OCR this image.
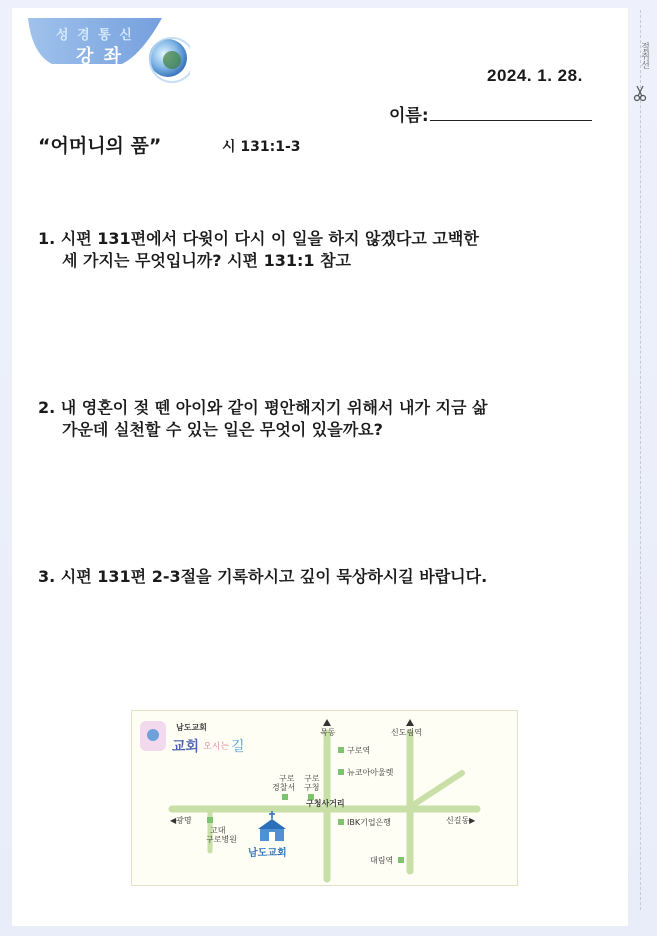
절취선
성 경 통 신
강 좌
2024. 1. 28.
이름:
“어머니의 품”	시 131:1-3
1. 시편 131편에서 다윗이 다시 이 일을 하지 않겠다고 고백한
세 가지는 무엇입니까? 시편 131:1 참고
2. 내 영혼이 젖 뗀 아이와 같이 평안해지기 위해서 내가 지금 삶
가운데 실천할 수 있는 일은 무엇이 있을까요?
3. 시편 131편 2-3절을 기록하시고 깊이 묵상하시길 바랍니다.
남도교회
교회 오시는 길
목동	신도림역
구로역
뉴코아아울렛
구로
경찰서
구로
구청
구청사거리
◀광명	신길동▶
고대
구로병원
IBK기업은행
대림역
남도교회
